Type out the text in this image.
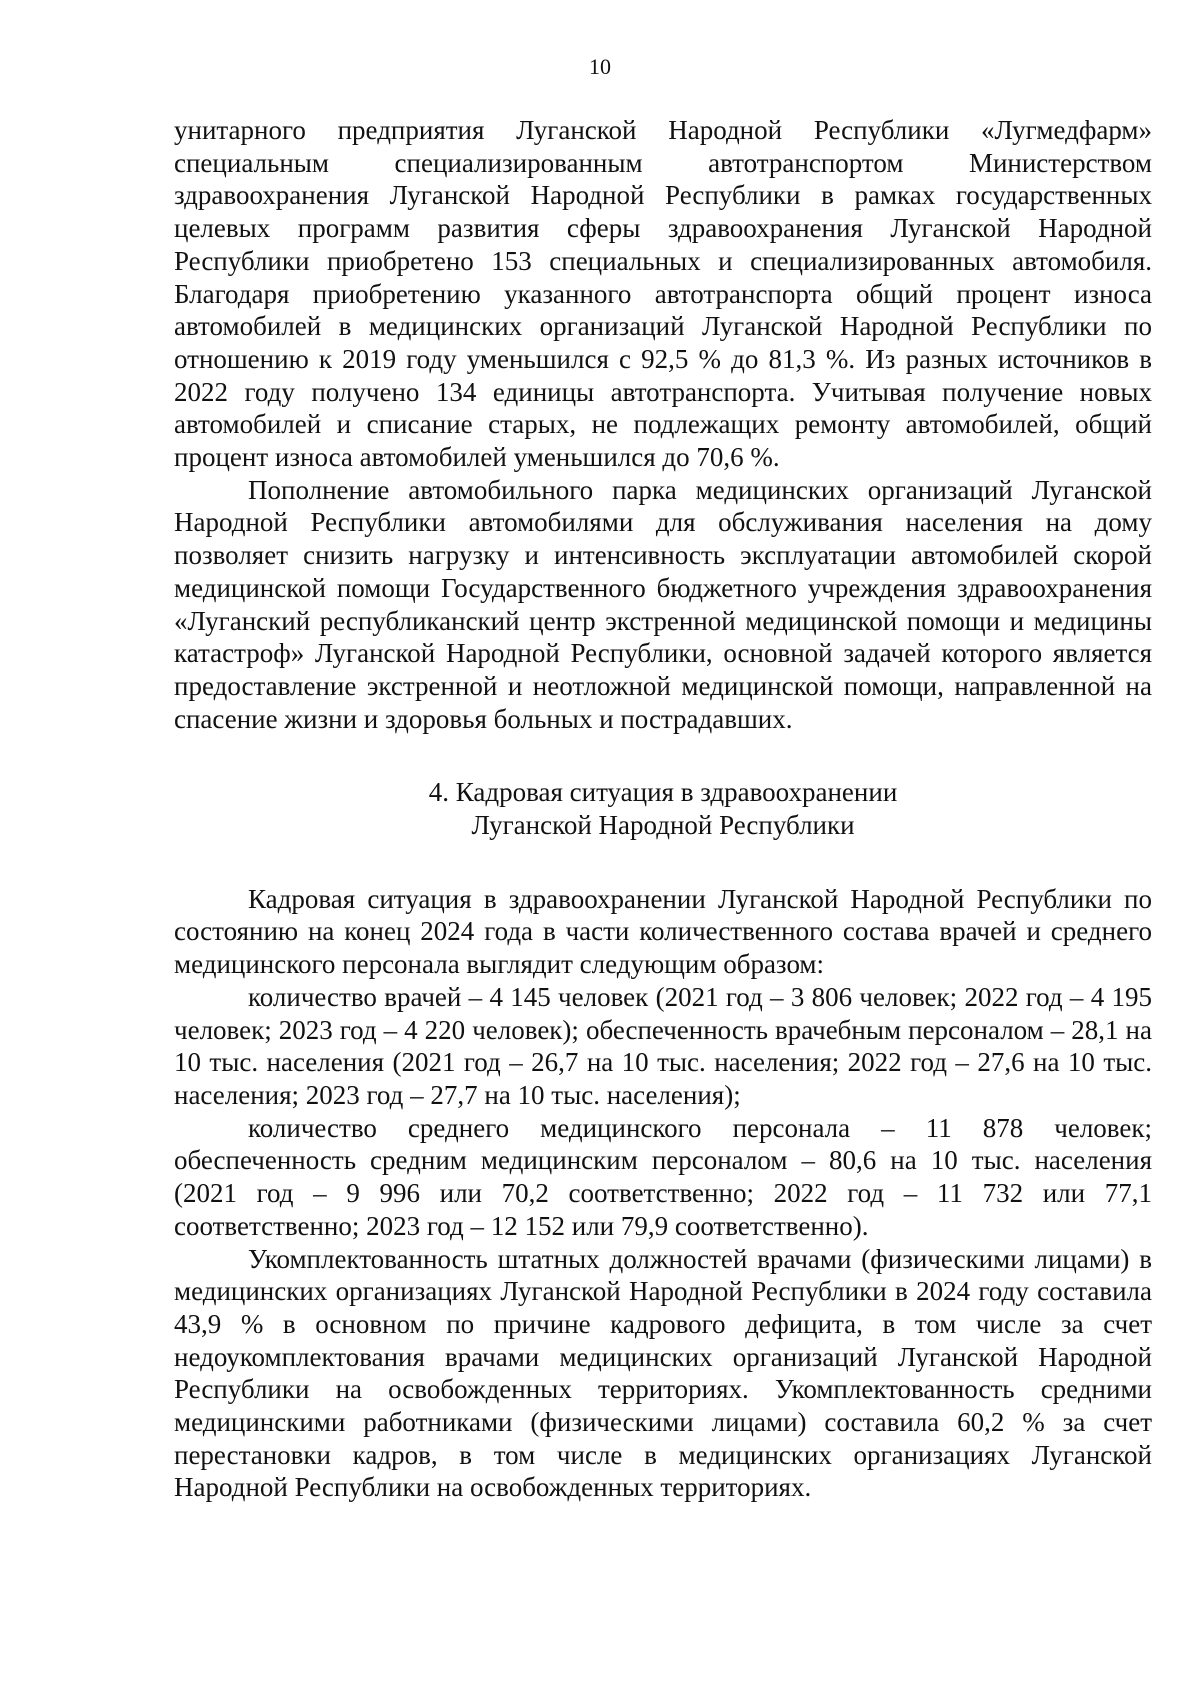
10

унитарного предприятия Луганской Народной Республики «Лугмедфарм» специальным специализированным автотранспортом Министерством здравоохранения Луганской Народной Республики в рамках государственных целевых программ развития сферы здравоохранения Луганской Народной Республики приобретено 153 специальных и специализированных автомобиля. Благодаря приобретению указанного автотранспорта общий процент износа автомобилей в медицинских организаций Луганской Народной Республики по отношению к 2019 году уменьшился с 92,5 % до 81,3 %. Из разных источников в 2022 году получено 134 единицы автотранспорта. Учитывая получение новых автомобилей и списание старых, не подлежащих ремонту автомобилей, общий процент износа автомобилей уменьшился до 70,6 %.

Пополнение автомобильного парка медицинских организаций Луганской Народной Республики автомобилями для обслуживания населения на дому позволяет снизить нагрузку и интенсивность эксплуатации автомобилей скорой медицинской помощи Государственного бюджетного учреждения здравоохранения «Луганский республиканский центр экстренной медицинской помощи и медицины катастроф» Луганской Народной Республики, основной задачей которого является предоставление экстренной и неотложной медицинской помощи, направленной на спасение жизни и здоровья больных и пострадавших.

4. Кадровая ситуация в здравоохранении
Луганской Народной Республики

Кадровая ситуация в здравоохранении Луганской Народной Республики по состоянию на конец 2024 года в части количественного состава врачей и среднего медицинского персонала выглядит следующим образом:

количество врачей – 4 145 человек (2021 год – 3 806 человек; 2022 год – 4 195 человек; 2023 год – 4 220 человек); обеспеченность врачебным персоналом – 28,1 на 10 тыс. населения (2021 год – 26,7 на 10 тыс. населения; 2022 год – 27,6 на 10 тыс. населения; 2023 год – 27,7 на 10 тыс. населения);

количество среднего медицинского персонала – 11 878 человек; обеспеченность средним медицинским персоналом – 80,6 на 10 тыс. населения (2021 год – 9 996 или 70,2 соответственно; 2022 год – 11 732 или 77,1 соответственно; 2023 год – 12 152 или 79,9 соответственно).

Укомплектованность штатных должностей врачами (физическими лицами) в медицинских организациях Луганской Народной Республики в 2024 году составила 43,9 % в основном по причине кадрового дефицита, в том числе за счет недоукомплектования врачами медицинских организаций Луганской Народной Республики на освобожденных территориях. Укомплектованность средними медицинскими работниками (физическими лицами) составила 60,2 % за счет перестановки кадров, в том числе в медицинских организациях Луганской Народной Республики на освобожденных территориях.
